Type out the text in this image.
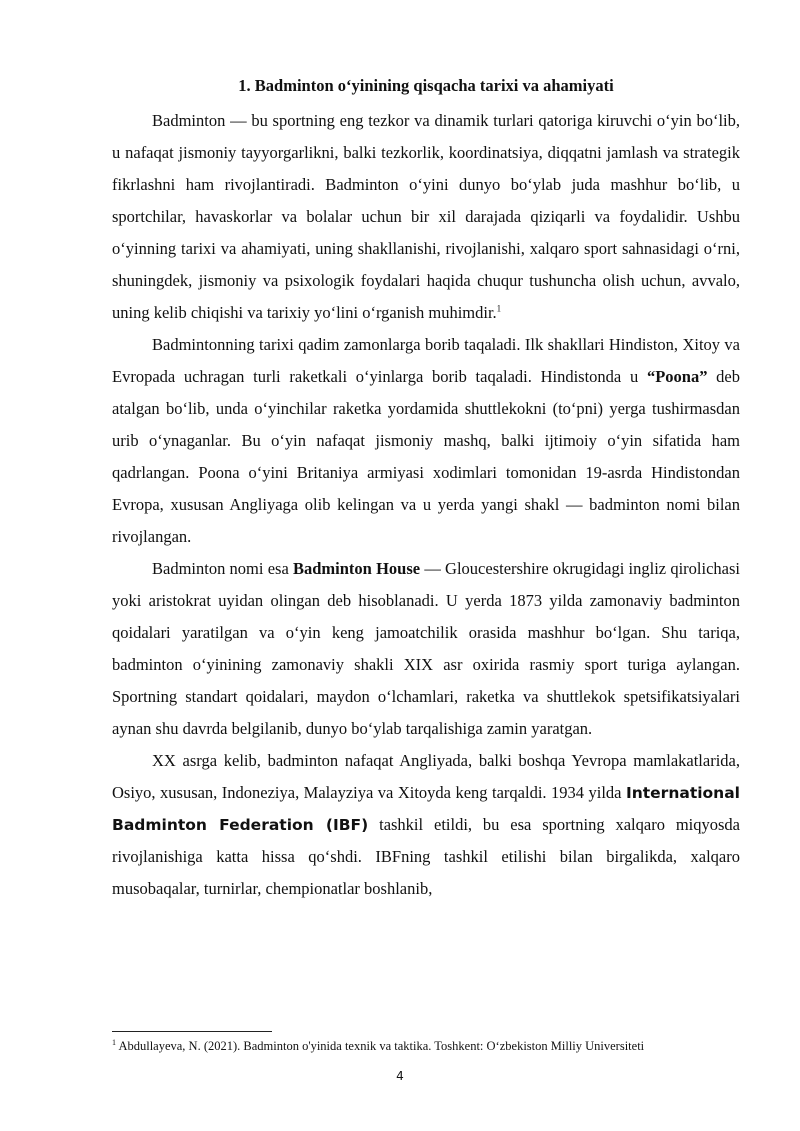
1. Badminton o‘yinining qisqacha tarixi va ahamiyati

Badminton — bu sportning eng tezkor va dinamik turlari qatoriga kiruvchi o‘yin bo‘lib, u nafaqat jismoniy tayyorgarlikni, balki tezkorlik, koordinatsiya, diqqatni jamlash va strategik fikrlashni ham rivojlantiradi. Badminton o‘yini dunyo bo‘ylab juda mashhur bo‘lib, u sportchilar, havaskorlar va bolalar uchun bir xil darajada qiziqarli va foydalidir. Ushbu o‘yinning tarixi va ahamiyati, uning shakllanishi, rivojlanishi, xalqaro sport sahnasidagi o‘rni, shuningdek, jismoniy va psixologik foydalari haqida chuqur tushuncha olish uchun, avvalo, uning kelib chiqishi va tarixiy yo‘lini o‘rganish muhimdir.$^1$

Badmintonning tarixi qadim zamonlarga borib taqaladi. Ilk shakllari Hindiston, Xitoy va Evropada uchragan turli raketkali o‘yinlarga borib taqaladi. Hindistonda u “Poona” deb atalgan bo‘lib, unda o‘yinchilar raketka yordamida shuttlekokni (to‘pni) yerga tushirmasdan urib o‘ynaganlar. Bu o‘yin nafaqat jismoniy mashq, balki ijtimoiy o‘yin sifatida ham qadrlangan. Poona o‘yini Britaniya armiyasi xodimlari tomonidan 19-asrda Hindistondan Evropa, xususan Angliyaga olib kelingan va u yerda yangi shakl — badminton nomi bilan rivojlangan.

Badminton nomi esa Badminton House — Gloucestershire okrugidagi ingliz qirolichasi yoki aristokrat uyidan olingan deb hisoblanadi. U yerda 1873 yilda zamonaviy badminton qoidalari yaratilgan va o‘yin keng jamoatchilik orasida mashhur bo‘lgan. Shu tariqa, badminton o‘yinining zamonaviy shakli XIX asr oxirida rasmiy sport turiga aylangan. Sportning standart qoidalari, maydon o‘lchamlari, raketka va shuttlekok spetsifikatsiyalari aynan shu davrda belgilanib, dunyo bo‘ylab tarqalishiga zamin yaratgan.

XX asrga kelib, badminton nafaqat Angliyada, balki boshqa Yevropa mamlakatlarida, Osiyo, xususan, Indoneziya, Malayziya va Xitoyda keng tarqaldi. 1934 yilda International Badminton Federation (IBF) tashkil etildi, bu esa sportning xalqaro miqyosda rivojlanishiga katta hissa qo‘shdi. IBFning tashkil etilishi bilan birgalikda, xalqaro musobaqalar, turnirlar, chempionatlar boshlanib,

$^1$ Abdullayeva, N. (2021). Badminton o'yinida texnik va taktika. Toshkent: O‘zbekiston Milliy Universiteti
4
